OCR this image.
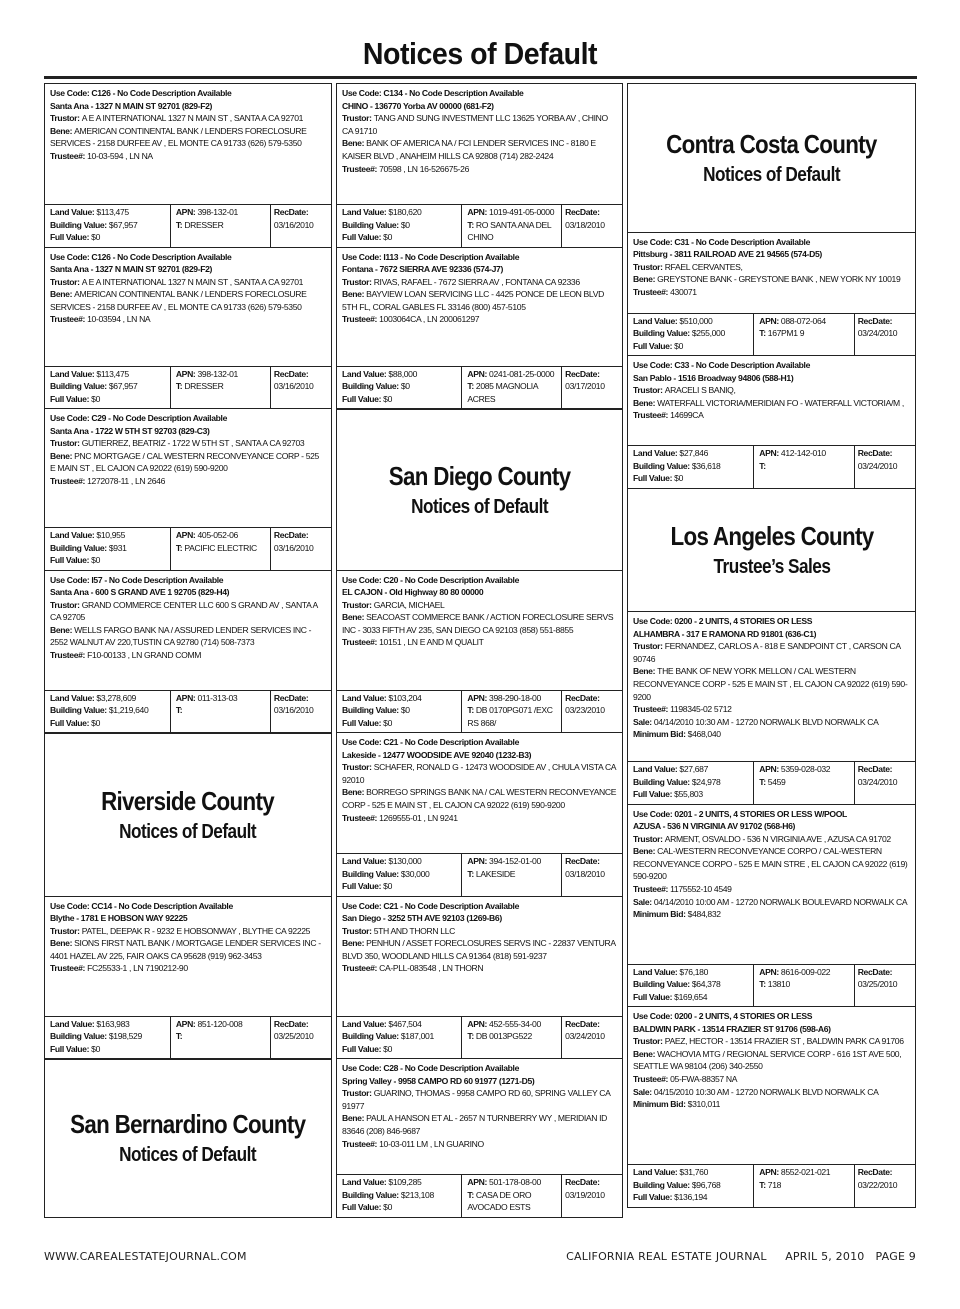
Notices of Default
Use Code: C126 - No Code Description Available
Santa Ana - 1327 N MAIN ST 92701 (829-F2)
Trustor: A E A INTERNATIONAL 1327 N MAIN ST , SANTA A CA 92701
Bene: AMERICAN CONTINENTAL BANK / LENDERS FORECLOSURE SERVICES - 2158 DURFEE AV , EL MONTE CA 91733 (626) 579-5350
Trustee#: 10-03-594 , LN NA
Land Value: $113,475
Building Value: $67,957
Full Value: $0
APN: 398-132-01
T: DRESSER
RecDate:
03/16/2010
Use Code: C126 - No Code Description Available
Santa Ana - 1327 N MAIN ST 92701 (829-F2)
Trustor: A E A INTERNATIONAL 1327 N MAIN ST , SANTA A CA 92701
Bene: AMERICAN CONTINENTAL BANK / LENDERS FORECLOSURE SERVICES - 2158 DURFEE AV , EL MONTE CA 91733 (626) 579-5350
Trustee#: 10-03594 , LN NA
Land Value: $113,475
Building Value: $67,957
Full Value: $0
APN: 398-132-01
T: DRESSER
RecDate:
03/16/2010
Use Code: C29 - No Code Description Available
Santa Ana - 1722 W 5TH ST 92703 (829-C3)
Trustor: GUTIERREZ, BEATRIZ - 1722 W 5TH ST , SANTA A CA 92703
Bene: PNC MORTGAGE / CAL WESTERN RECONVEYANCE CORP - 525 E MAIN ST , EL CAJON CA 92022 (619) 590-9200
Trustee#: 1272078-11 , LN 2646
Land Value: $10,955
Building Value: $931
Full Value: $0
APN: 405-052-06
T: PACIFIC ELECTRIC
RecDate:
03/16/2010
Use Code: I57 - No Code Description Available
Santa Ana - 600 S GRAND AVE 1 92705 (829-H4)
Trustor: GRAND COMMERCE CENTER LLC 600 S GRAND AV , SANTA A CA 92705
Bene: WELLS FARGO BANK NA / ASSURED LENDER SERVICES INC - 2552 WALNUT AV 220,TUSTIN CA 92780 (714) 508-7373
Trustee#: F10-00133 , LN GRAND COMM
Land Value: $3,278,609
Building Value: $1,219,640
Full Value: $0
APN: 011-313-03
T:
RecDate:
03/16/2010
Riverside County
Notices of Default
Use Code: CC14 - No Code Description Available
Blythe - 1781 E HOBSON WAY 92225
Trustor: PATEL, DEEPAK R - 9232 E HOBSONWAY , BLYTHE CA 92225
Bene: SIONS FIRST NATL BANK / MORTGAGE LENDER SERVICES INC - 4401 HAZEL AV 225, FAIR OAKS CA 95628 (919) 962-3453
Trustee#: FC25533-1 , LN 7190212-90
Land Value: $163,983
Building Value: $198,529
Full Value: $0
APN: 851-120-008
T:
RecDate:
03/25/2010
San Bernardino County
Notices of Default
Use Code: C134 - No Code Description Available
CHINO - 136770 Yorba AV 00000 (681-F2)
Trustor: TANG AND SUNG INVESTMENT LLC 13625 YORBA AV , CHINO CA 91710
Bene: BANK OF AMERICA NA / FCI LENDER SERVICES INC - 8180 E KAISER BLVD , ANAHEIM HILLS CA 92808 (714) 282-2424
Trustee#: 70598 , LN 16-526675-26
Land Value: $180,620
Building Value: $0
Full Value: $0
APN: 1019-491-05-0000
T: RO SANTA ANA DEL CHINO
RecDate:
03/18/2010
Use Code: I113 - No Code Description Available
Fontana - 7672 SIERRA AVE 92336 (574-J7)
Trustor: RIVAS, RAFAEL - 7672 SIERRA AV , FONTANA CA 92336
Bene: BAYVIEW LOAN SERVICING LLC - 4425 PONCE DE LEON BLVD 5TH FL, CORAL GABLES FL 33146 (800) 457-5105
Trustee#: 1003064CA , LN 200061297
Land Value: $88,000
Building Value: $0
Full Value: $0
APN: 0241-081-25-0000
T: 2085 MAGNOLIA ACRES
RecDate:
03/17/2010
San Diego County
Notices of Default
Use Code: C20 - No Code Description Available
EL CAJON - Old Highway 80 80 00000
Trustor: GARCIA, MICHAEL
Bene: SEACOAST COMMERCE BANK / ACTION FORECLOSURE SERVS INC - 3033 FIFTH AV 235, SAN DIEGO CA 92103 (858) 551-8855
Trustee#: 10151 , LN E AND M QUALIT
Land Value: $103,204
Building Value: $0
Full Value: $0
APN: 398-290-18-00
T: DB 0170PG071 /EXC RS 868/
RecDate:
03/23/2010
Use Code: C21 - No Code Description Available
Lakeside - 12477 WOODSIDE AVE 92040 (1232-B3)
Trustor: SCHAFER, RONALD G - 12473 WOODSIDE AV , CHULA VISTA CA 92010
Bene: BORREGO SPRINGS BANK NA / CAL WESTERN RECONVEYANCE CORP - 525 E MAIN ST , EL CAJON CA 92022 (619) 590-9200
Trustee#: 1269555-01 , LN 9241
Land Value: $130,000
Building Value: $30,000
Full Value: $0
APN: 394-152-01-00
T: LAKESIDE
RecDate:
03/18/2010
Use Code: C21 - No Code Description Available
San Diego - 3252 5TH AVE 92103 (1269-B6)
Trustor: 5TH AND THORN LLC
Bene: PENHUN / ASSET FORECLOSURES SERVS INC - 22837 VENTURA BLVD 350, WOODLAND HILLS CA 91364 (818) 591-9237
Trustee#: CA-PLL-083548 , LN THORN
Land Value: $467,504
Building Value: $187,001
Full Value: $0
APN: 452-555-34-00
T: DB 0013PG522
RecDate:
03/24/2010
Use Code: C28 - No Code Description Available
Spring Valley - 9958 CAMPO RD 60 91977 (1271-D5)
Trustor: GUARINO, THOMAS - 9958 CAMPO RD 60, SPRING VALLEY CA 91977
Bene: PAUL A HANSON ET AL - 2657 N TURNBERRY WY , MERIDIAN ID 83646 (208) 846-9687
Trustee#: 10-03-011 LM , LN GUARINO
Land Value: $109,285
Building Value: $213,108
Full Value: $0
APN: 501-178-08-00
T: CASA DE ORO AVOCADO ESTS
RecDate:
03/19/2010
Contra Costa County
Notices of Default
Use Code: C31 - No Code Description Available
Pittsburg - 3811 RAILROAD AVE 21 94565 (574-D5)
Trustor: RFAEL CERVANTES,
Bene: GREYSTONE BANK - GREYSTONE BANK , NEW YORK NY 10019
Trustee#: 430071
Land Value: $510,000
Building Value: $255,000
Full Value: $0
APN: 088-072-064
T: 167PM1 9
RecDate:
03/24/2010
Use Code: C33 - No Code Description Available
San Pablo - 1516 Broadway 94806 (588-H1)
Trustor: ARACELI S BANIQ,
Bene: WATERFALL VICTORIA/MERIDIAN FO - WATERFALL VICTORIA/M ,
Trustee#: 14699CA
Land Value: $27,846
Building Value: $36,618
Full Value: $0
APN: 412-142-010
T:
RecDate:
03/24/2010
Los Angeles County
Trustee’s Sales
Use Code: 0200 - 2 UNITS, 4 STORIES OR LESS
ALHAMBRA - 317 E RAMONA RD 91801 (636-C1)
Trustor: FERNANDEZ, CARLOS A - 818 E SANDPOINT CT , CARSON CA 90746
Bene: THE BANK OF NEW YORK MELLON / CAL WESTERN RECONVEYANCE CORP - 525 E MAIN ST , EL CAJON CA 92022 (619) 590-9200
Trustee#: 1198345-02 5712
Sale: 04/14/2010 10:30 AM - 12720 NORWALK BLVD NORWALK CA
Minimum Bid: $468,040
Land Value: $27,687
Building Value: $24,978
Full Value: $55,803
APN: 5359-028-032
T: 5459
RecDate:
03/24/2010
Use Code: 0201 - 2 UNITS, 4 STORIES OR LESS W/POOL
AZUSA - 536 N VIRGINIA AV 91702 (568-H6)
Trustor: ARMENT, OSVALDO - 536 N VIRGINIA AVE , AZUSA CA 91702
Bene: CAL-WESTERN RECONVEYANCE CORPO / CAL-WESTERN RECONVEYANCE CORPO - 525 E MAIN STRE , EL CAJON CA 92022 (619) 590-9200
Trustee#: 1175552-10 4549
Sale: 04/14/2010 10:00 AM - 12720 NORWALK BOULEVARD NORWALK CA
Minimum Bid: $484,832
Land Value: $76,180
Building Value: $64,378
Full Value: $169,654
APN: 8616-009-022
T: 13810
RecDate:
03/25/2010
Use Code: 0200 - 2 UNITS, 4 STORIES OR LESS
BALDWIN PARK - 13514 FRAZIER ST 91706 (598-A6)
Trustor: PAEZ, HECTOR - 13514 FRAZIER ST , BALDWIN PARK CA 91706
Bene: WACHOVIA MTG / REGIONAL SERVICE CORP - 616 1ST AVE 500, SEATTLE WA 98104 (206) 340-2550
Trustee#: 05-FWA-88357 NA
Sale: 04/15/2010 10:30 AM - 12720 NORWALK BLVD NORWALK CA
Minimum Bid: $310,011
Land Value: $31,760
Building Value: $96,768
Full Value: $136,194
APN: 8552-021-021
T: 718
RecDate:
03/22/2010
WWW.CAREALESTATEJOURNAL.COM	CALIFORNIA REAL ESTATE JOURNAL     APRIL 5, 2010   PAGE 9
